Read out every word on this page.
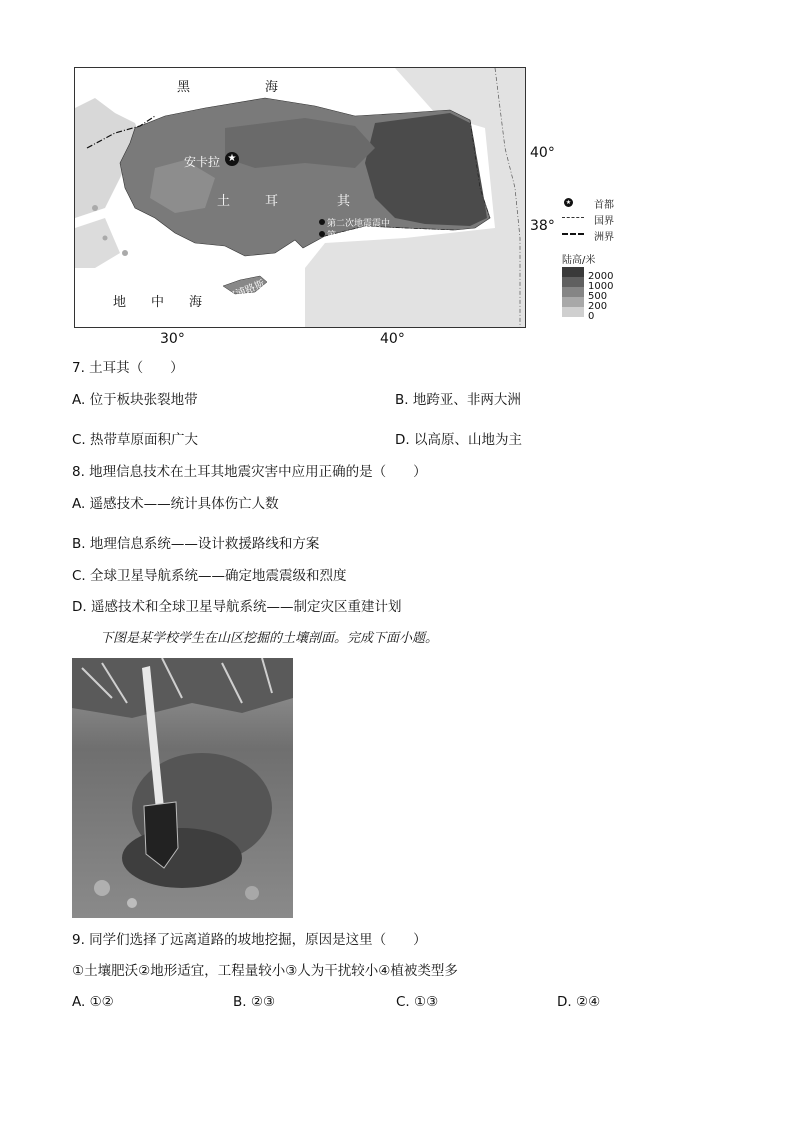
★
黑	海
安卡拉
土	耳	其
第二次地震震中
第一次地震震中
地 中 海 塞浦路斯
40°
38°
30°	40°
★ 首都
国界
洲界
陆高/米
2000
1000
500
200
0
7. 土耳其（　　）
A. 位于板块张裂地带	B. 地跨亚、非两大洲
C. 热带草原面积广大	D. 以高原、山地为主
8. 地理信息技术在土耳其地震灾害中应用正确的是（　　）
A. 遥感技术——统计具体伤亡人数
B. 地理信息系统——设计救援路线和方案
C. 全球卫星导航系统——确定地震震级和烈度
D. 遥感技术和全球卫星导航系统——制定灾区重建计划
下图是某学校学生在山区挖掘的土壤剖面。完成下面小题。
9. 同学们选择了远离道路的坡地挖掘，原因是这里（　　）
①土壤肥沃②地形适宜，工程量较小③人为干扰较小④植被类型多
A. ①②	B. ②③	C. ①③	D. ②④
